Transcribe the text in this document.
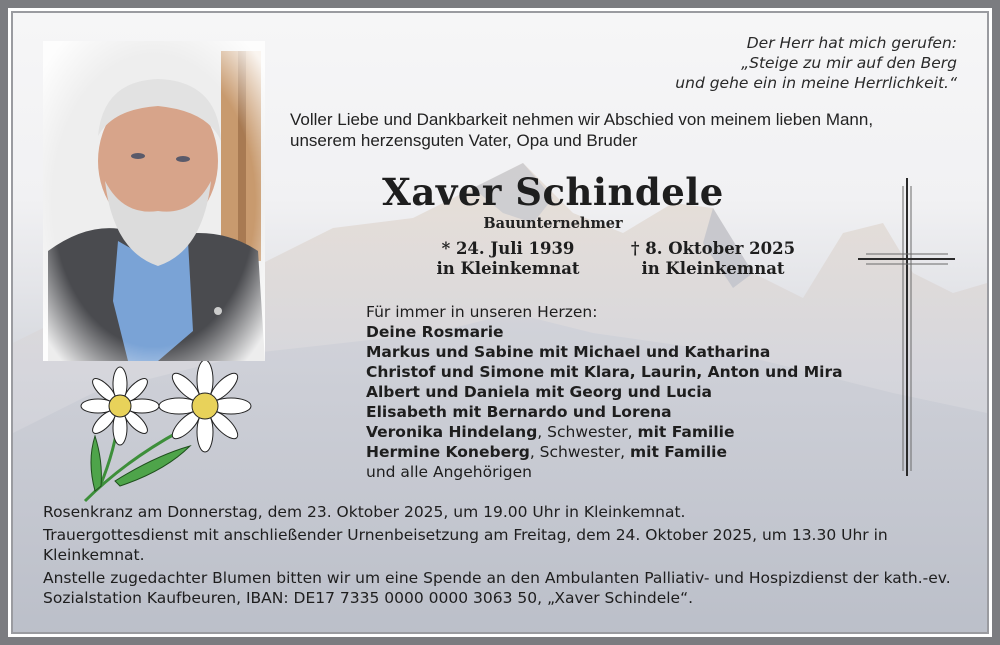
Der Herr hat mich gerufen:
„Steige zu mir auf den Berg
und gehe ein in meine Herrlichkeit.“
Voller Liebe und Dankbarkeit nehmen wir Abschied von meinem lieben Mann,
unserem herzensguten Vater, Opa und Bruder
Xaver Schindele
Bauunternehmer
* 24. Juli 1939
in Kleinkemnat
† 8. Oktober 2025
in Kleinkemnat
Für immer in unseren Herzen:
Deine Rosmarie
Markus und Sabine mit Michael und Katharina
Christof und Simone mit Klara, Laurin, Anton und Mira
Albert und Daniela mit Georg und Lucia
Elisabeth mit Bernardo und Lorena
Veronika Hindelang, Schwester, mit Familie
Hermine Koneberg, Schwester, mit Familie
und alle Angehörigen

Rosenkranz am Donnerstag, dem 23. Oktober 2025, um 19.00 Uhr in Kleinkemnat.

Trauergottesdienst mit anschließender Urnenbeisetzung am Freitag, dem 24. Oktober 2025, um 13.30 Uhr in Kleinkemnat.

Anstelle zugedachter Blumen bitten wir um eine Spende an den Ambulanten Palliativ- und Hospizdienst der kath.-ev. Sozialstation Kaufbeuren, IBAN: DE17 7335 0000 0000 3063 50, „Xaver Schindele“.
